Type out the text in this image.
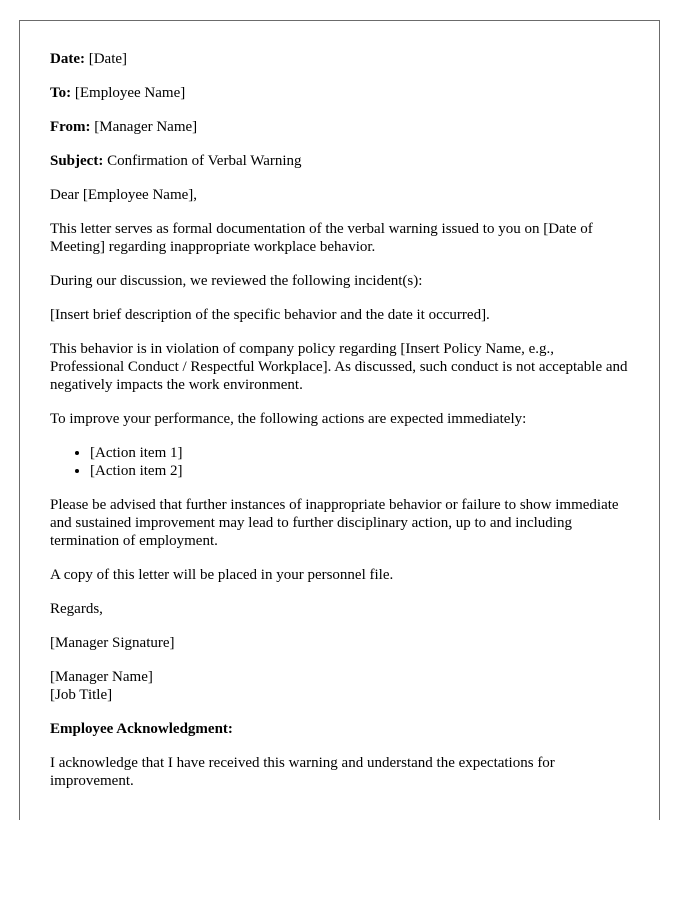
Date: [Date]

To: [Employee Name]

From: [Manager Name]

Subject: Confirmation of Verbal Warning

Dear [Employee Name],

This letter serves as formal documentation of the verbal warning issued to you on [Date of Meeting] regarding inappropriate workplace behavior.

During our discussion, we reviewed the following incident(s):

[Insert brief description of the specific behavior and the date it occurred].

This behavior is in violation of company policy regarding [Insert Policy Name, e.g., Professional Conduct / Respectful Workplace]. As discussed, such conduct is not acceptable and negatively impacts the work environment.

To improve your performance, the following actions are expected immediately:

• [Action item 1]
• [Action item 2]

Please be advised that further instances of inappropriate behavior or failure to show immediate and sustained improvement may lead to further disciplinary action, up to and including termination of employment.

A copy of this letter will be placed in your personnel file.

Regards,

[Manager Signature]

[Manager Name]

[Job Title]

Employee Acknowledgment:

I acknowledge that I have received this warning and understand the expectations for improvement.
